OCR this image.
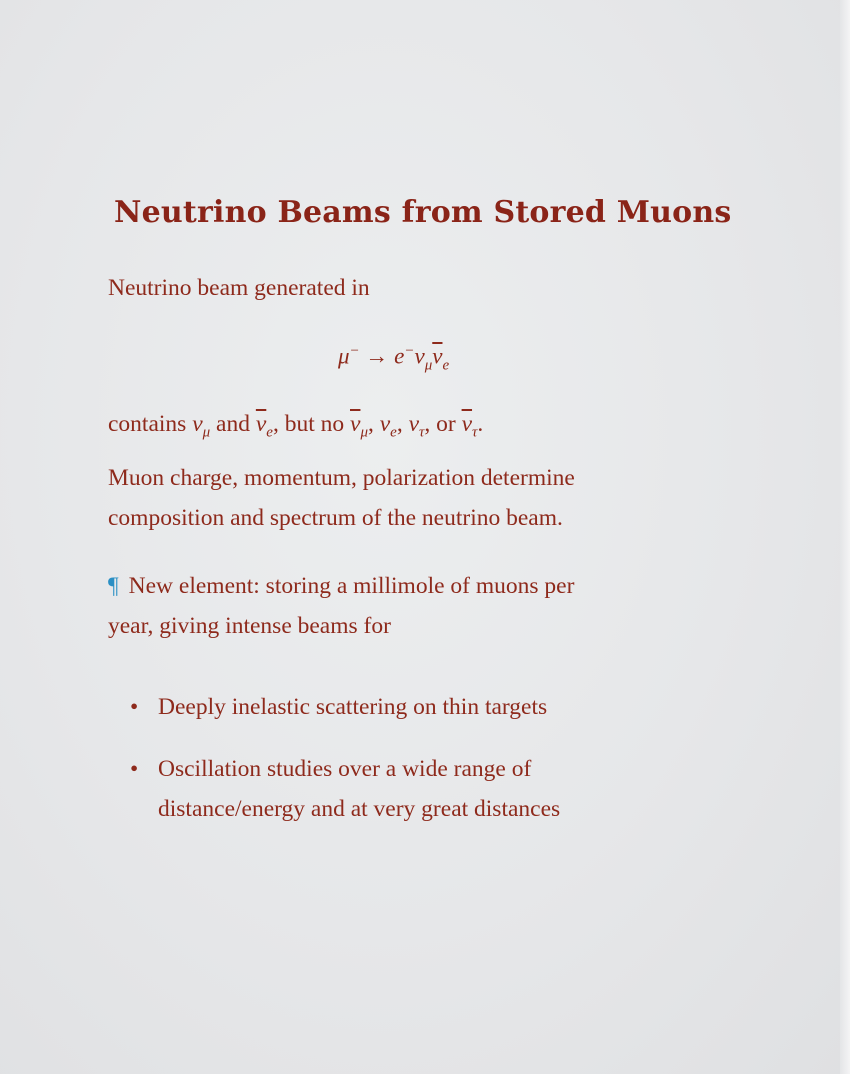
Neutrino Beams from Stored Muons
Neutrino beam generated in
$\mu^- \to e^-\nu_\mu\overline{\nu}_e$
contains $\nu_\mu$ and $\overline{\nu}_e$, but no $\overline{\nu}_\mu$, $\nu_e$, $\nu_\tau$, or $\overline{\nu}_\tau$.
Muon charge, momentum, polarization determine
composition and spectrum of the neutrino beam.
¶ New element: storing a millimole of muons per
year, giving intense beams for
• Deeply inelastic scattering on thin targets
• Oscillation studies over a wide range of
distance/energy and at very great distances
